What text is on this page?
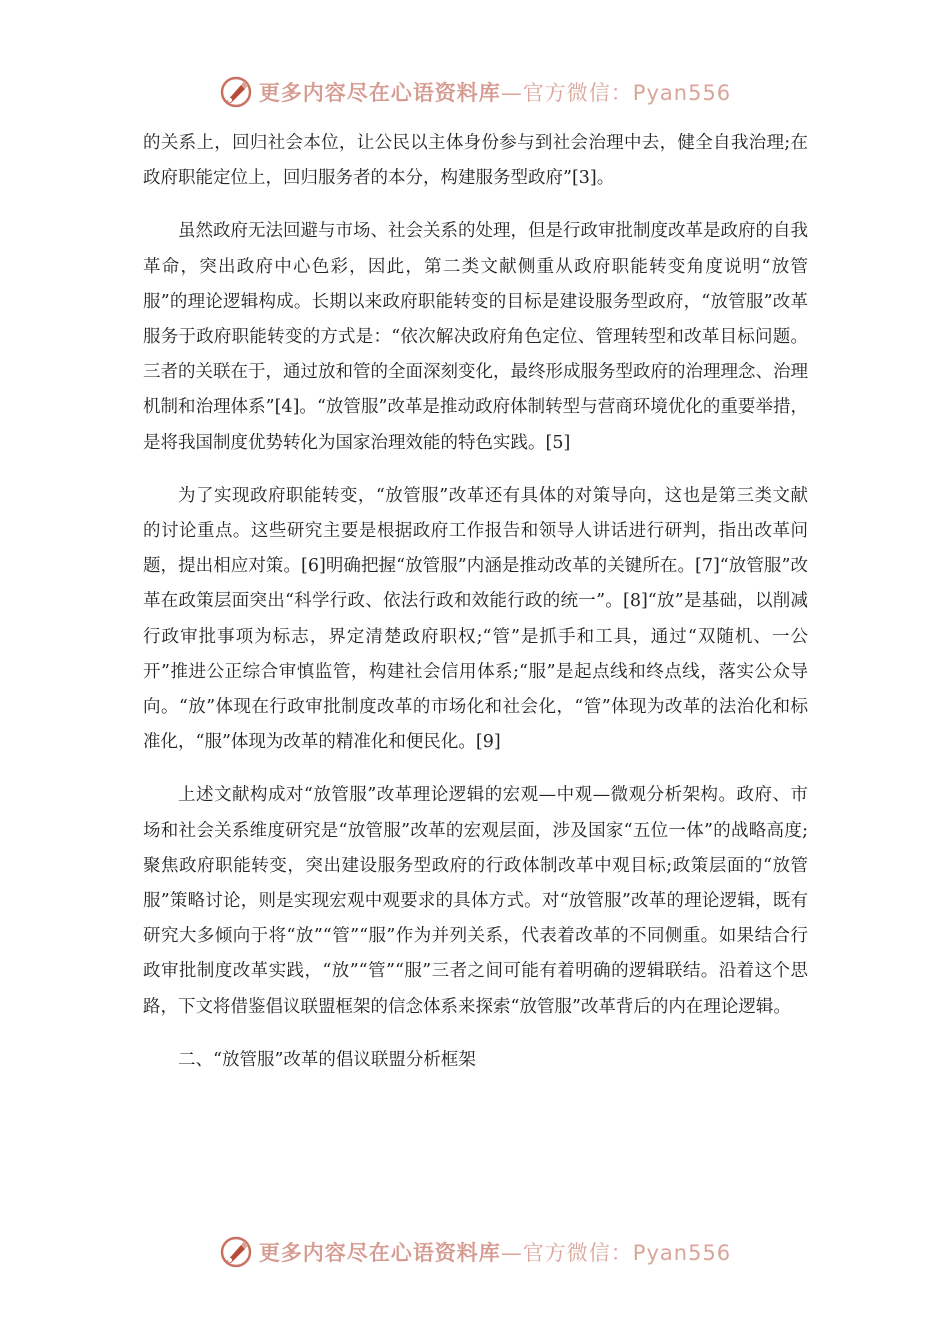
更多内容尽在心语资料库—官方微信：Pyan556

的关系上，回归社会本位，让公民以主体身份参与到社会治理中去，健全自我治理;在政府职能定位上，回归服务者的本分，构建服务型政府”[3]。

虽然政府无法回避与市场、社会关系的处理，但是行政审批制度改革是政府的自我革命，突出政府中心色彩，因此，第二类文献侧重从政府职能转变角度说明“放管服”的理论逻辑构成。长期以来政府职能转变的目标是建设服务型政府，“放管服”改革服务于政府职能转变的方式是：“依次解决政府角色定位、管理转型和改革目标问题。三者的关联在于，通过放和管的全面深刻变化，最终形成服务型政府的治理理念、治理机制和治理体系”[4]。“放管服”改革是推动政府体制转型与营商环境优化的重要举措，是将我国制度优势转化为国家治理效能的特色实践。[5]

为了实现政府职能转变，“放管服”改革还有具体的对策导向，这也是第三类文献的讨论重点。这些研究主要是根据政府工作报告和领导人讲话进行研判，指出改革问题，提出相应对策。[6]明确把握“放管服”内涵是推动改革的关键所在。[7]“放管服”改革在政策层面突出“科学行政、依法行政和效能行政的统一”。[8]“放”是基础，以削减行政审批事项为标志，界定清楚政府职权;“管”是抓手和工具，通过“双随机、一公开”推进公正综合审慎监管，构建社会信用体系;“服”是起点线和终点线，落实公众导向。“放”体现在行政审批制度改革的市场化和社会化，“管”体现为改革的法治化和标准化，“服”体现为改革的精准化和便民化。[9]

上述文献构成对“放管服”改革理论逻辑的宏观—中观—微观分析架构。政府、市场和社会关系维度研究是“放管服”改革的宏观层面，涉及国家“五位一体”的战略高度;聚焦政府职能转变，突出建设服务型政府的行政体制改革中观目标;政策层面的“放管服”策略讨论，则是实现宏观中观要求的具体方式。对“放管服”改革的理论逻辑，既有研究大多倾向于将“放”“管”“服”作为并列关系，代表着改革的不同侧重。如果结合行政审批制度改革实践，“放”“管”“服”三者之间可能有着明确的逻辑联结。沿着这个思路，下文将借鉴倡议联盟框架的信念体系来探索“放管服”改革背后的内在理论逻辑。

二、“放管服”改革的倡议联盟分析框架

更多内容尽在心语资料库—官方微信：Pyan556
